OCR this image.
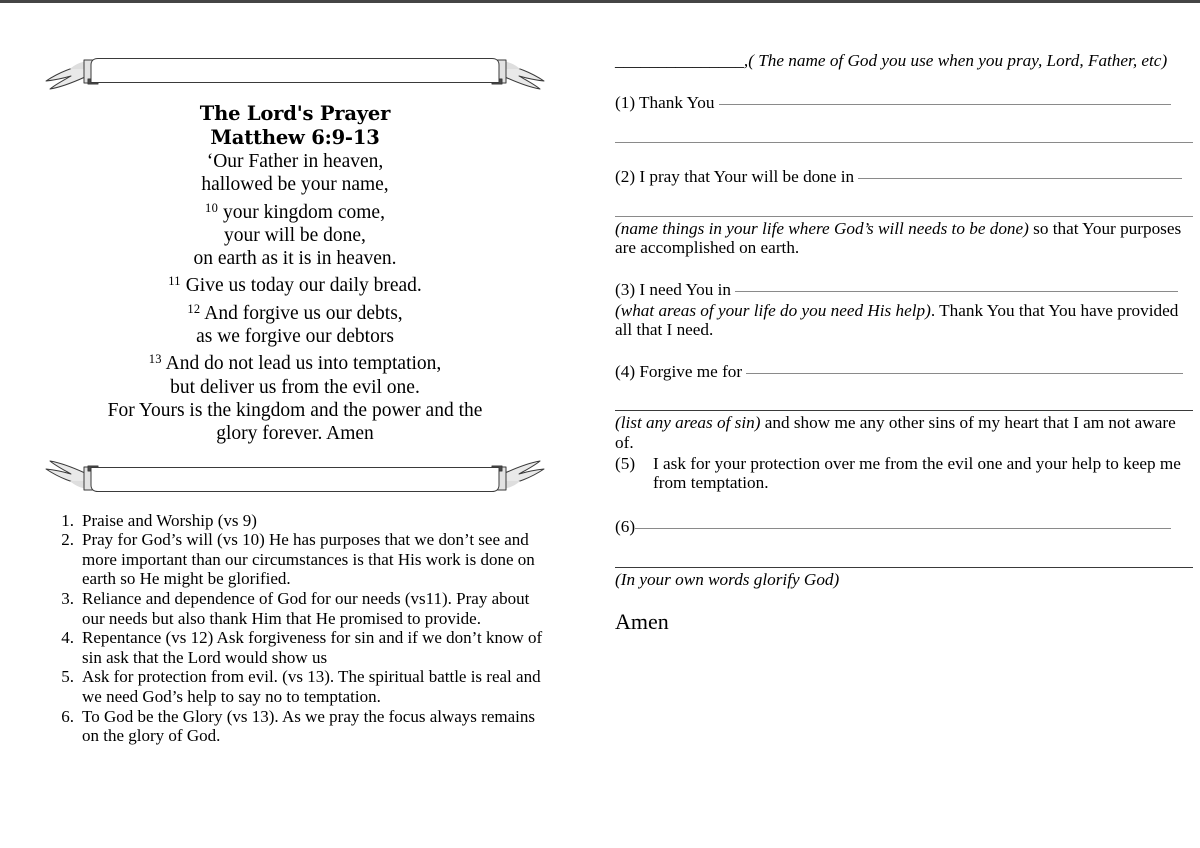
The Lord's Prayer
Matthew 6:9-13
‘Our Father in heaven,
hallowed be your name,
$^{10}$ your kingdom come,
your will be done,
on earth as it is in heaven.
$^{11}$ Give us today our daily bread.
$^{12}$ And forgive us our debts,
as we forgive our debtors
$^{13}$ And do not lead us into temptation,
but deliver us from the evil one.
For Yours is the kingdom and the power and the
glory forever. Amen
1. Praise and Worship (vs 9)
2. Pray for God’s will (vs 10) He has purposes that we don’t see and more important than our circumstances is that His work is done on earth so He might be glorified.
3. Reliance and dependence of God for our needs (vs11). Pray about our needs but also thank Him that He promised to provide.
4. Repentance (vs 12) Ask forgiveness for sin and if we don’t know of sin ask that the Lord would show us
5. Ask for protection from evil. (vs 13). The spiritual battle is real and we need God’s help to say no to temptation.
6. To God be the Glory (vs 13). As we pray the focus always remains on the glory of God.
_______________,( The name of God you use when you pray, Lord, Father, etc)
(1) Thank You
(2) I pray that Your will be done in
(name things in your life where God’s will needs to be done) so that Your purposes are accomplished on earth.
(3) I need You in
(what areas of your life do you need His help). Thank You that You have provided all that I need.
(4) Forgive me for
(list any areas of sin) and show me any other sins of my heart that I am not aware of.
(5) I ask for your protection over me from the evil one and your help to keep me from temptation.
(6)
(In your own words glorify God)
Amen
